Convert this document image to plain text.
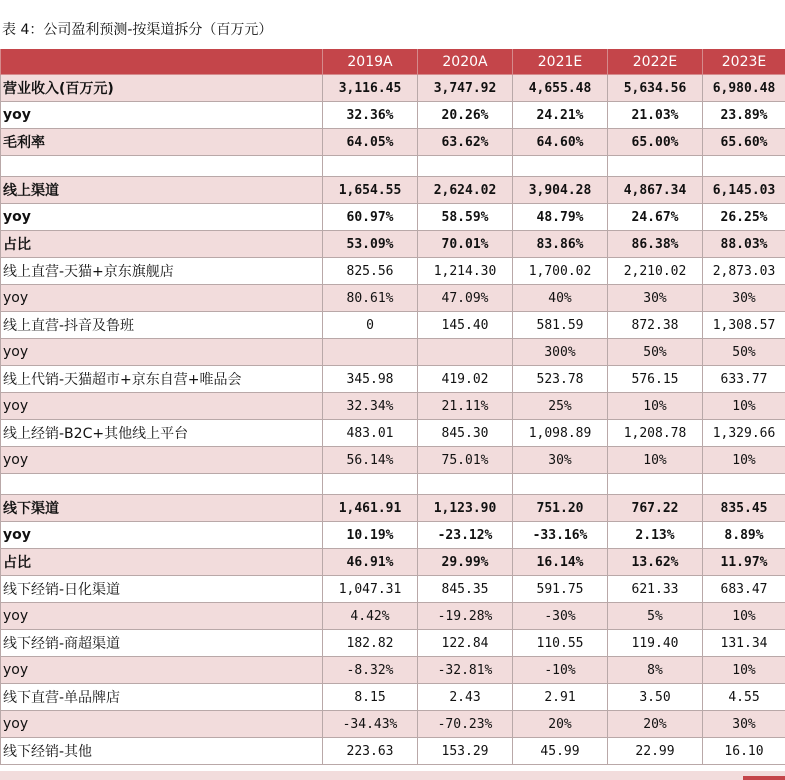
表 4：公司盈利预测-按渠道拆分（百万元）
	2019A	2020A	2021E	2022E	2023E
营业收入(百万元)	3,116.45	3,747.92	4,655.48	5,634.56	6,980.48
yoy	32.36%	20.26%	24.21%	21.03%	23.89%
毛利率	64.05%	63.62%	64.60%	65.00%	65.60%

线上渠道	1,654.55	2,624.02	3,904.28	4,867.34	6,145.03
yoy	60.97%	58.59%	48.79%	24.67%	26.25%
占比	53.09%	70.01%	83.86%	86.38%	88.03%
线上直营-天猫+京东旗舰店	825.56	1,214.30	1,700.02	2,210.02	2,873.03
yoy	80.61%	47.09%	40%	30%	30%
线上直营-抖音及鲁班	0	145.40	581.59	872.38	1,308.57
yoy			300%	50%	50%
线上代销-天猫超市+京东自营+唯品会	345.98	419.02	523.78	576.15	633.77
yoy	32.34%	21.11%	25%	10%	10%
线上经销-B2C+其他线上平台	483.01	845.30	1,098.89	1,208.78	1,329.66
yoy	56.14%	75.01%	30%	10%	10%

线下渠道	1,461.91	1,123.90	751.20	767.22	835.45
yoy	10.19%	-23.12%	-33.16%	2.13%	8.89%
占比	46.91%	29.99%	16.14%	13.62%	11.97%
线下经销-日化渠道	1,047.31	845.35	591.75	621.33	683.47
yoy	4.42%	-19.28%	-30%	5%	10%
线下经销-商超渠道	182.82	122.84	110.55	119.40	131.34
yoy	-8.32%	-32.81%	-10%	8%	10%
线下直营-单品牌店	8.15	2.43	2.91	3.50	4.55
yoy	-34.43%	-70.23%	20%	20%	30%
线下经销-其他	223.63	153.29	45.99	22.99	16.10
